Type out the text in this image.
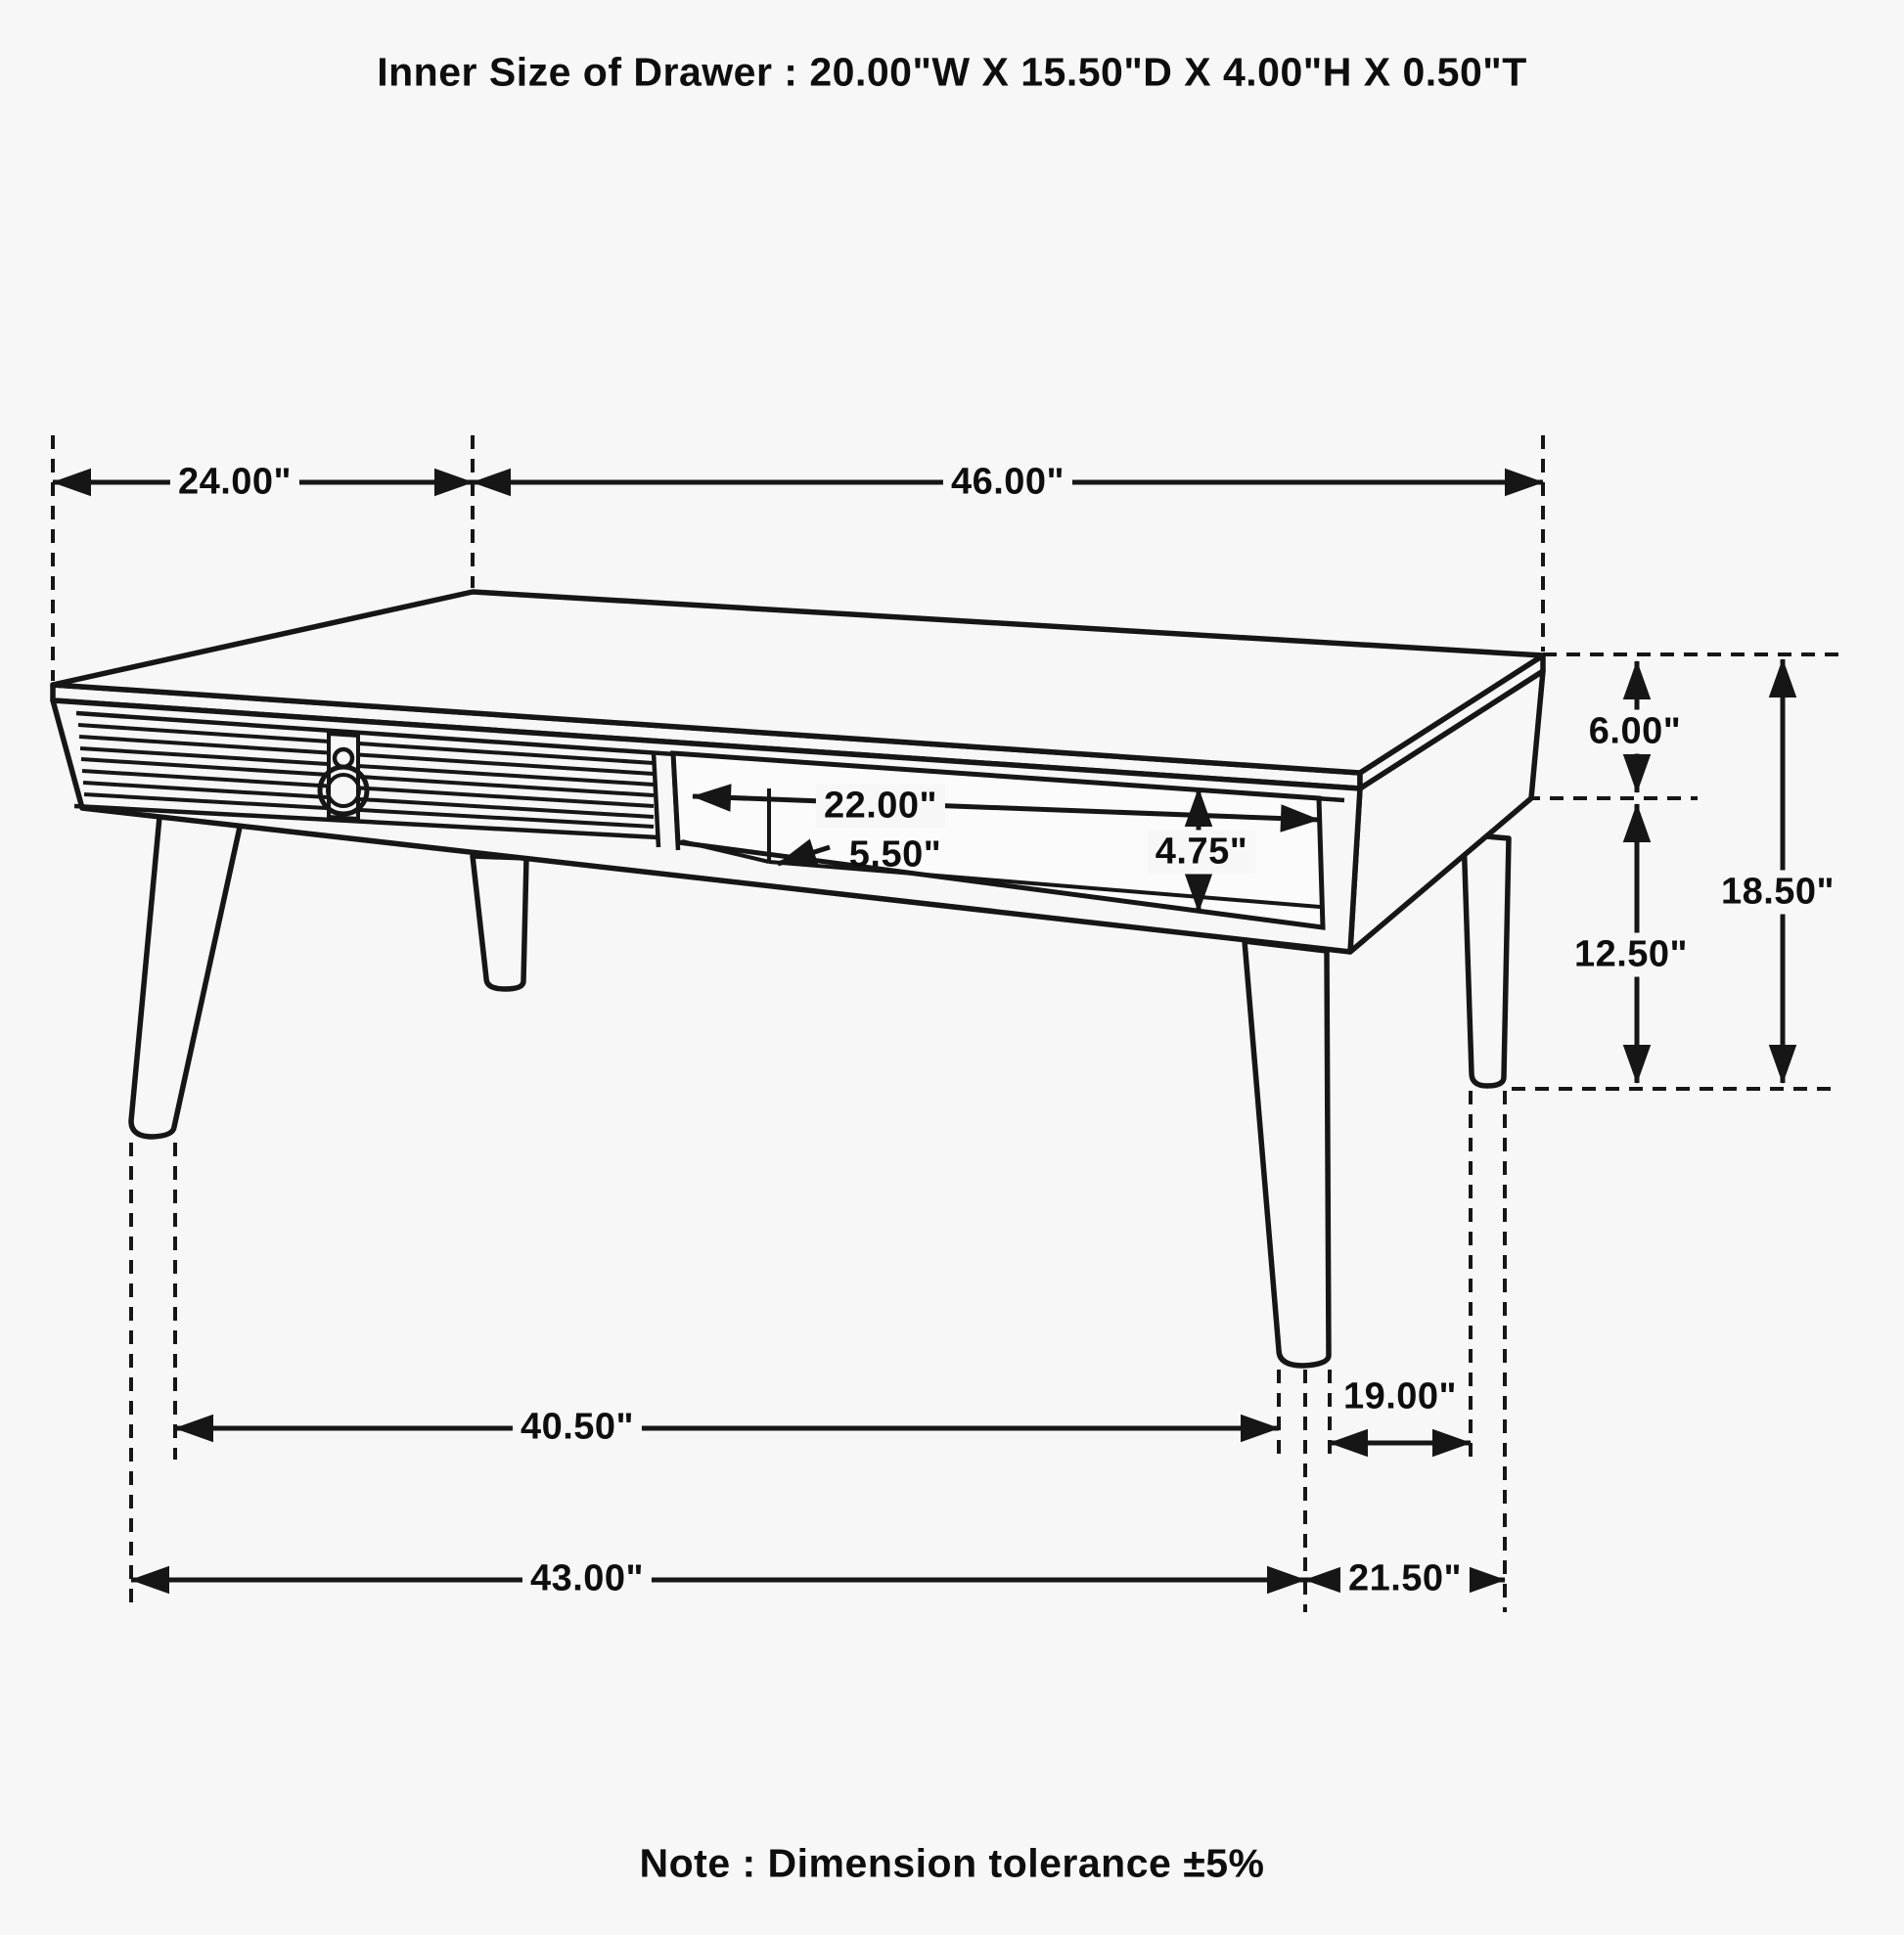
Inner Size of Drawer : 20.00"W X 15.50"D X 4.00"H X 0.50"T
24.00"	46.00"
22.00"
5.50"	4.75"
6.00"
12.50"
18.50"
40.50"
19.00"
43.00"	21.50"
Note : Dimension tolerance ±5%
